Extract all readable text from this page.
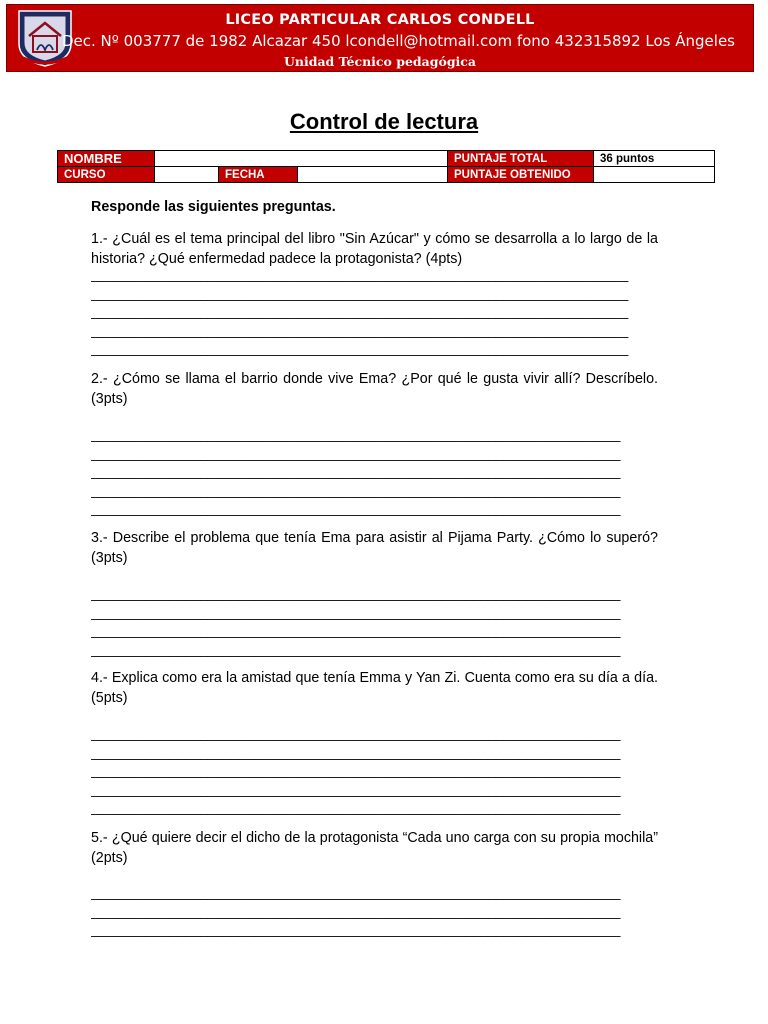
LICEO PARTICULAR CARLOS CONDELL
Dec. Nº 003777 de 1982 Alcazar 450 lcondell@hotmail.com fono 432315892 Los Ángeles
Unidad Técnico pedagógica
Control de lectura
NOMBRE				PUNTAJE TOTAL	36 puntos
CURSO		FECHA		PUNTAJE OBTENIDO	
Responde las siguientes preguntas.
1.- ¿Cuál es el tema principal del libro "Sin Azúcar" y cómo se desarrolla a lo largo de la historia? ¿Qué enfermedad padece la protagonista? (4pts)
_____________________________________________________________________
_____________________________________________________________________
_____________________________________________________________________
_____________________________________________________________________
_____________________________________________________________________
2.- ¿Cómo se llama el barrio donde vive Ema? ¿Por qué le gusta vivir allí? Descríbelo. (3pts)
____________________________________________________________________
____________________________________________________________________
____________________________________________________________________
____________________________________________________________________
____________________________________________________________________
3.- Describe el problema que tenía Ema para asistir al Pijama Party. ¿Cómo lo superó? (3pts)
____________________________________________________________________
____________________________________________________________________
____________________________________________________________________
____________________________________________________________________
4.- Explica como era la amistad que tenía Emma y Yan Zi. Cuenta como era su día a día. (5pts)
____________________________________________________________________
____________________________________________________________________
____________________________________________________________________
____________________________________________________________________
____________________________________________________________________
5.- ¿Qué quiere decir el dicho de la protagonista “Cada uno carga con su propia mochila” (2pts)
____________________________________________________________________
____________________________________________________________________
____________________________________________________________________
